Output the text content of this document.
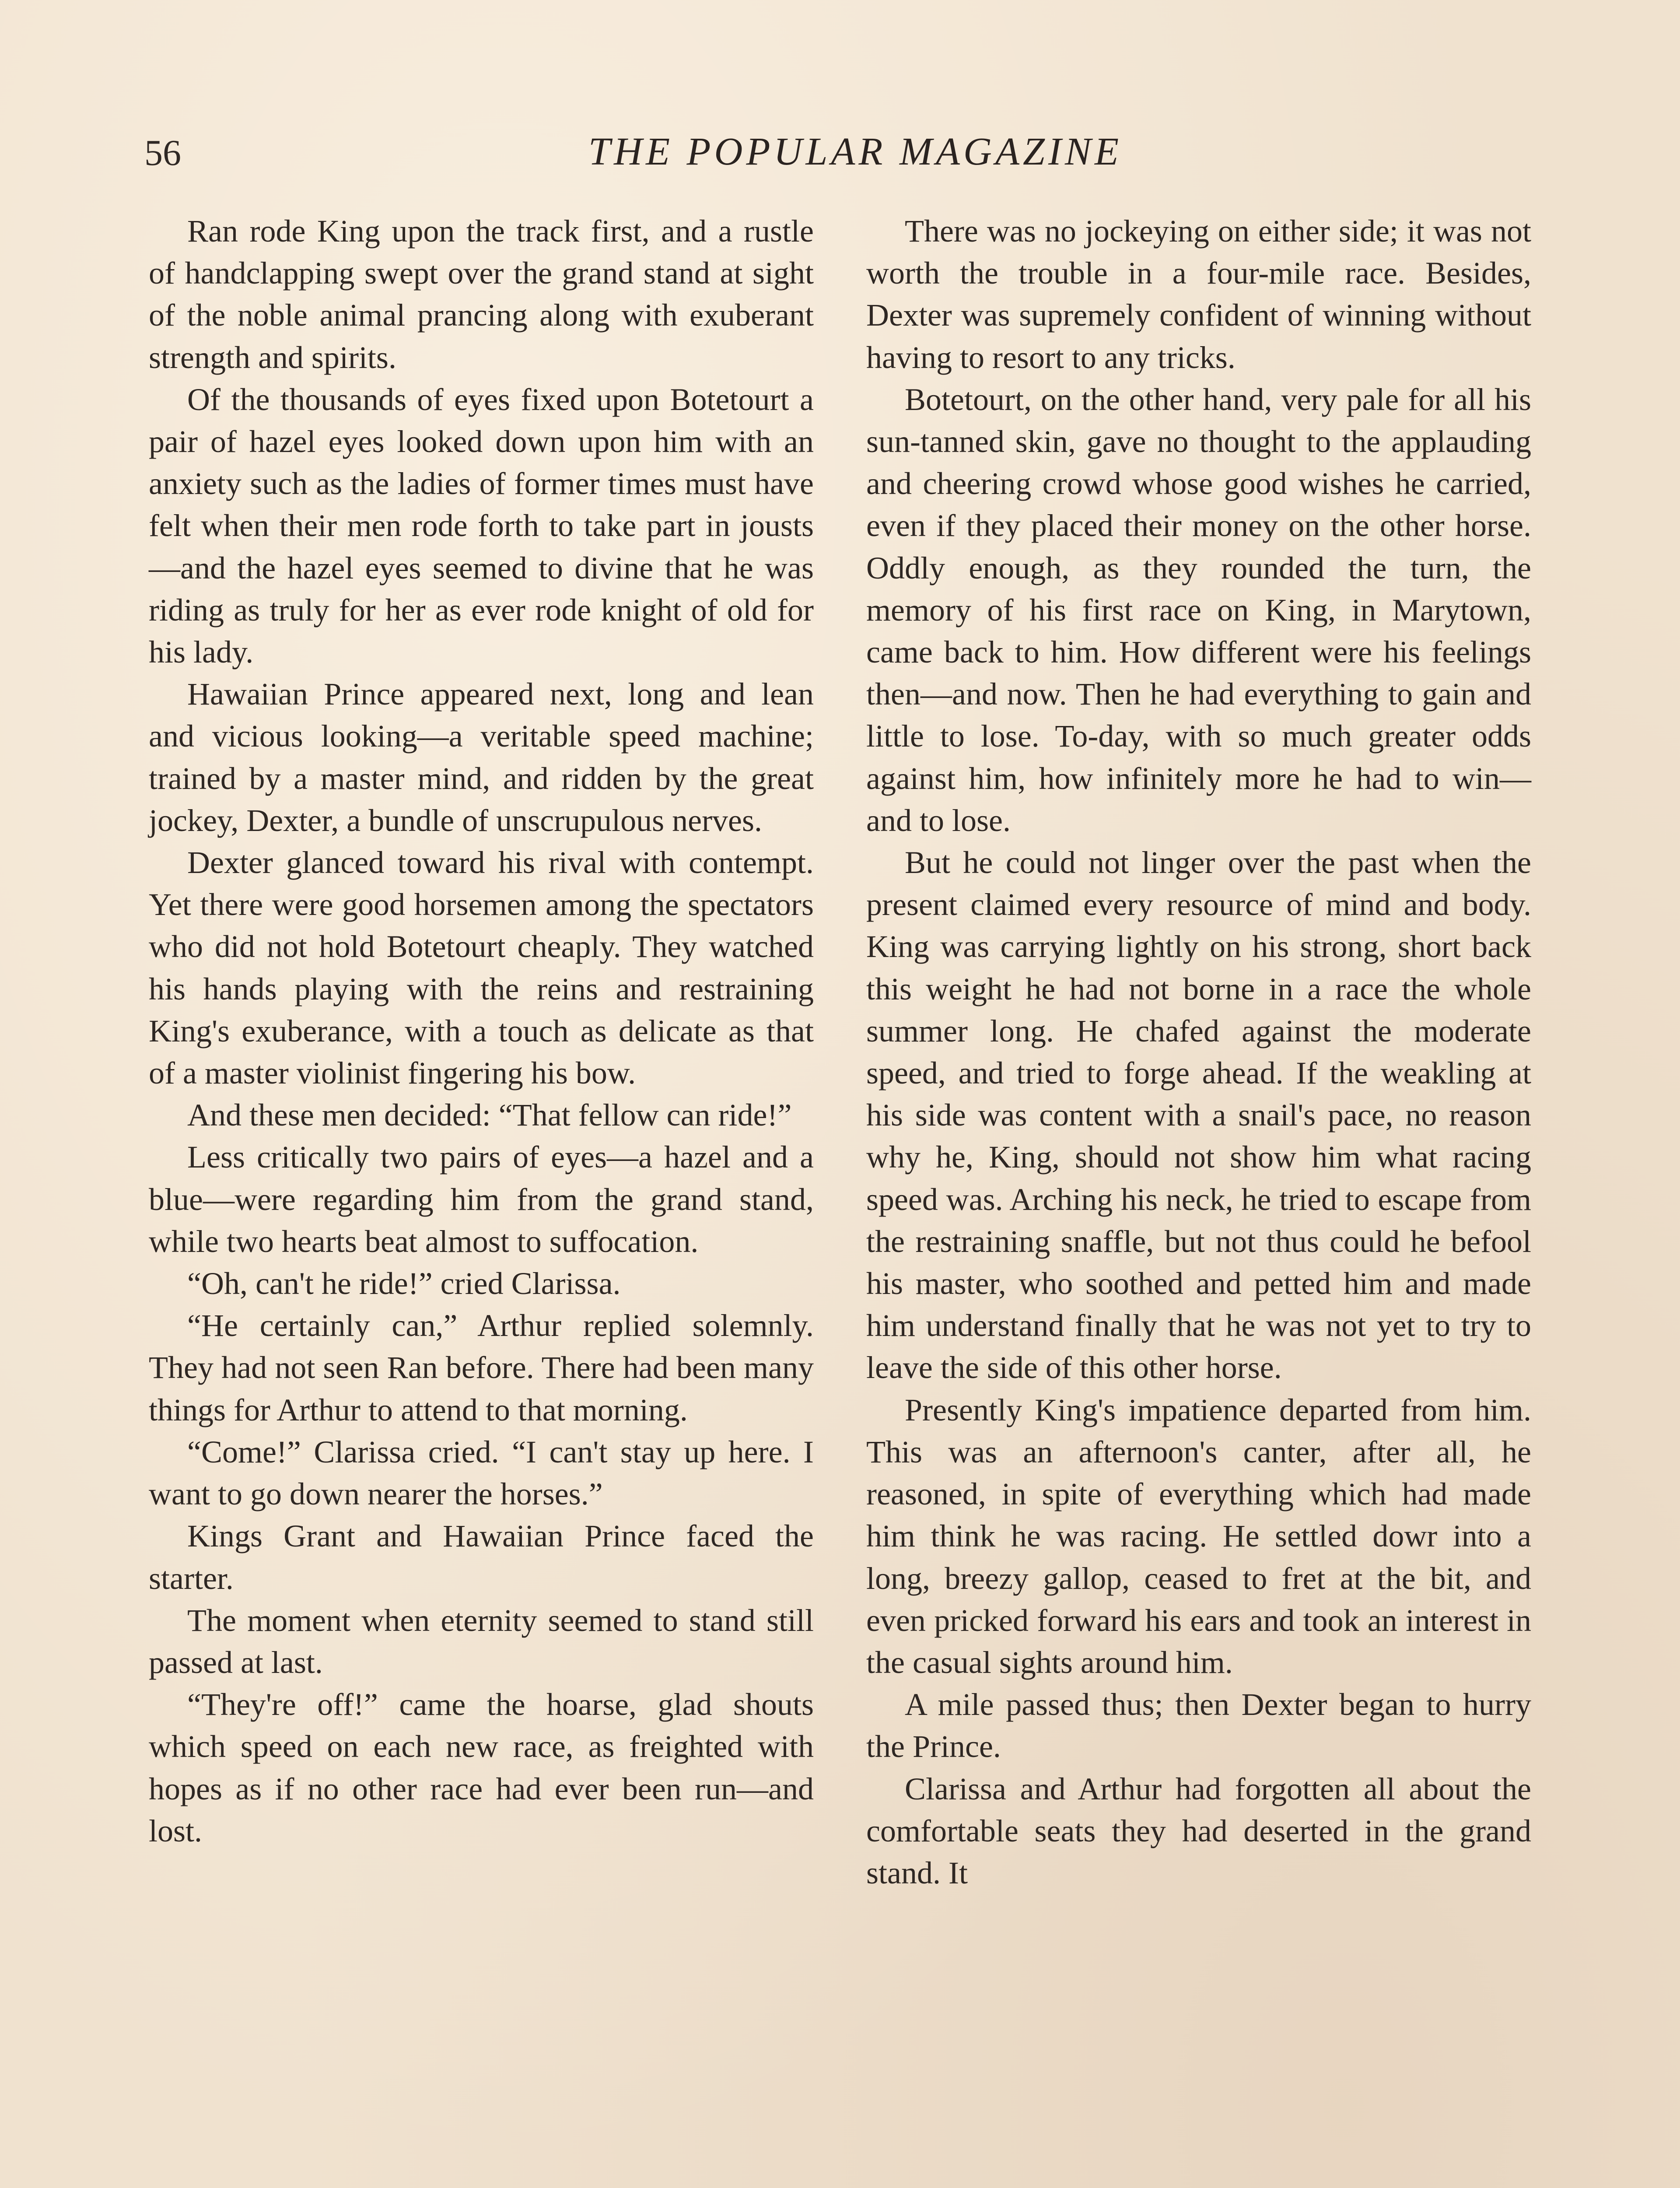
56	THE POPULAR MAGAZINE

Ran rode King upon the track first, and a rustle of handclapping swept over the grand stand at sight of the noble animal prancing along with exuberant strength and spirits.

Of the thousands of eyes fixed upon Botetourt a pair of hazel eyes looked down upon him with an anxiety such as the ladies of former times must have felt when their men rode forth to take part in jousts—and the hazel eyes seemed to divine that he was riding as truly for her as ever rode knight of old for his lady.

Hawaiian Prince appeared next, long and lean and vicious looking—a veritable speed machine; trained by a master mind, and ridden by the great jockey, Dexter, a bundle of unscrupulous nerves.

Dexter glanced toward his rival with contempt. Yet there were good horsemen among the spectators who did not hold Botetourt cheaply. They watched his hands playing with the reins and restraining King's exuberance, with a touch as delicate as that of a master violinist fingering his bow.

And these men decided: “That fellow can ride!”

Less critically two pairs of eyes—a hazel and a blue—were regarding him from the grand stand, while two hearts beat almost to suffocation.

“Oh, can't he ride!” cried Clarissa.

“He certainly can,” Arthur replied solemnly. They had not seen Ran before. There had been many things for Arthur to attend to that morning.

“Come!” Clarissa cried. “I can't stay up here. I want to go down nearer the horses.”

Kings Grant and Hawaiian Prince faced the starter.

The moment when eternity seemed to stand still passed at last.

“They're off!” came the hoarse, glad shouts which speed on each new race, as freighted with hopes as if no other race had ever been run—and lost.

There was no jockeying on either side; it was not worth the trouble in a four-mile race. Besides, Dexter was supremely confident of winning without having to resort to any tricks.

Botetourt, on the other hand, very pale for all his sun-tanned skin, gave no thought to the applauding and cheering crowd whose good wishes he carried, even if they placed their money on the other horse. Oddly enough, as they rounded the turn, the memory of his first race on King, in Marytown, came back to him. How different were his feelings then—and now. Then he had everything to gain and little to lose. To-day, with so much greater odds against him, how infinitely more he had to win—and to lose.

But he could not linger over the past when the present claimed every resource of mind and body. King was carrying lightly on his strong, short back this weight he had not borne in a race the whole summer long. He chafed against the moderate speed, and tried to forge ahead. If the weakling at his side was content with a snail's pace, no reason why he, King, should not show him what racing speed was. Arching his neck, he tried to escape from the restraining snaffle, but not thus could he befool his master, who soothed and petted him and made him understand finally that he was not yet to try to leave the side of this other horse.

Presently King's impatience departed from him. This was an afternoon's canter, after all, he reasoned, in spite of everything which had made him think he was racing. He settled dowr into a long, breezy gallop, ceased to fret at the bit, and even pricked forward his ears and took an interest in the casual sights around him.

A mile passed thus; then Dexter began to hurry the Prince.

Clarissa and Arthur had forgotten all about the comfortable seats they had deserted in the grand stand. It
